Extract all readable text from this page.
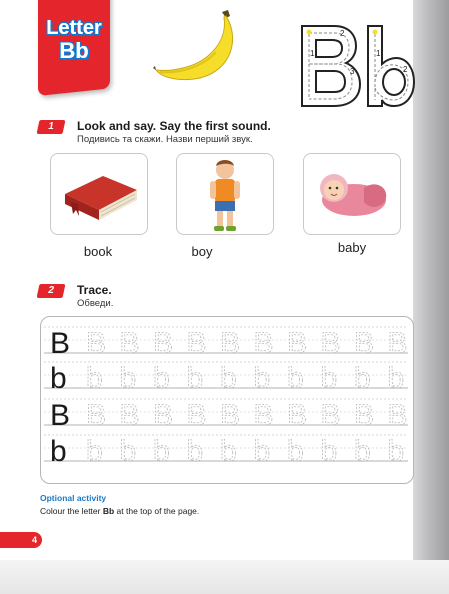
Letter
Bb	1
2
3
1
2
1	Look and say. Say the first sound.
Подивись та скажи. Назви перший звук.
book	boy	baby
2	Trace.
Обведи.
B B B B B B B B B B B
b b b b b b b b b b b
B B B B B B B B B B B
b b b b b b b b b b b
Optional activity
Colour the letter Bb at the top of the page.
4
